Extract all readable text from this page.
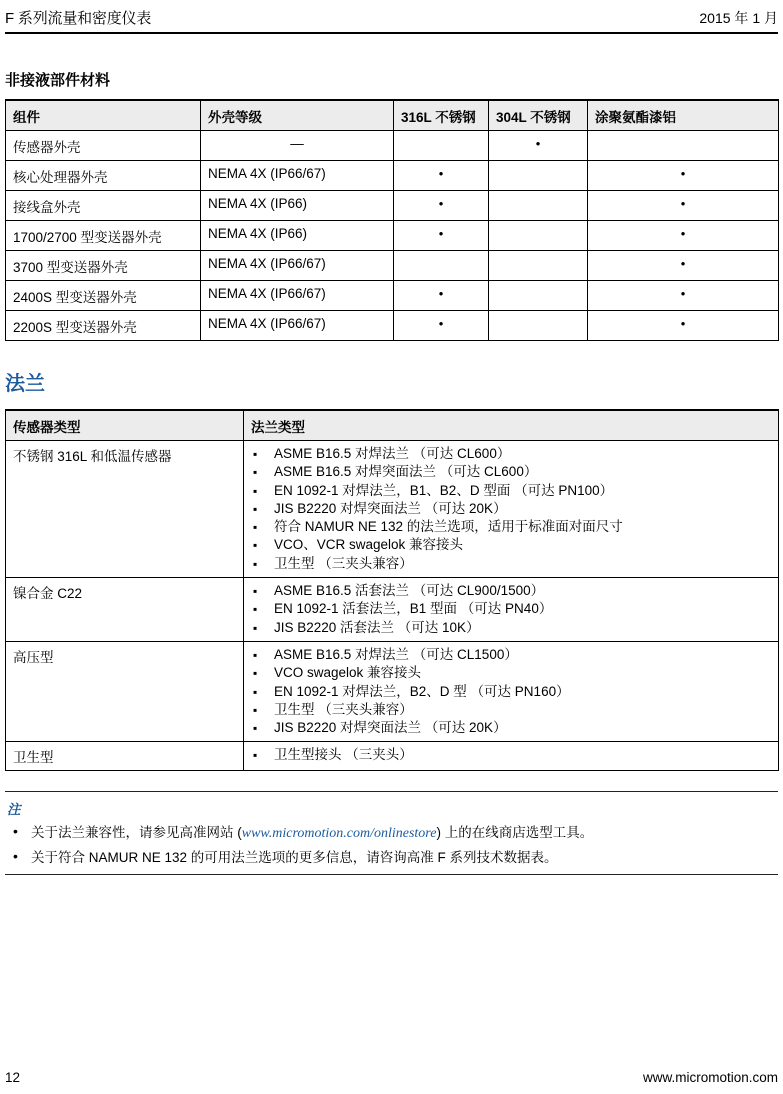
F 系列流量和密度仪表	2015 年 1 月
非接液部件材料
组件	外壳等级	316L 不锈钢	304L 不锈钢	涂聚氨酯漆铝
传感器外壳	—		•	
核心处理器外壳	NEMA 4X (IP66/67)	•		•
接线盒外壳	NEMA 4X (IP66)	•		•
1700/2700 型变送器外壳	NEMA 4X (IP66)	•		•
3700 型变送器外壳	NEMA 4X (IP66/67)			•
2400S 型变送器外壳	NEMA 4X (IP66/67)	•		•
2200S 型变送器外壳	NEMA 4X (IP66/67)	•		•
法兰
传感器类型	法兰类型
不锈钢 316L 和低温传感器	
▪ASME B16.5 对焊法兰 （可达 CL600）
▪ ASME B16.5 对焊突面法兰 （可达 CL600）
▪ EN 1092-1 对焊法兰，B1、B2、D 型面 （可达 PN100）
▪ JIS B2220 对焊突面法兰 （可达 20K）
▪ 符合 NAMUR NE 132 的法兰选项，适用于标准面对面尺寸
▪ VCO、VCR swagelok 兼容接头
▪ 卫生型 （三夹头兼容）

镍合金 C22	
▪ASME B16.5 活套法兰 （可达 CL900/1500）
▪ EN 1092-1 活套法兰，B1 型面 （可达 PN40）
▪ JIS B2220 活套法兰 （可达 10K）

高压型	
▪ASME B16.5 对焊法兰 （可达 CL1500）
▪ VCO swagelok 兼容接头
▪ EN 1092-1 对焊法兰，B2、D 型 （可达 PN160）
▪ 卫生型 （三夹头兼容）
▪ JIS B2220 对焊突面法兰 （可达 20K）

卫生型	
▪卫生型接头 （三夹头）
注
• 关于法兰兼容性，请参见高准网站 (www.micromotion.com/onlinestore) 上的在线商店选型工具。
• 关于符合 NAMUR NE 132 的可用法兰选项的更多信息，请咨询高准 F 系列技术数据表。
12	www.micromotion.com
